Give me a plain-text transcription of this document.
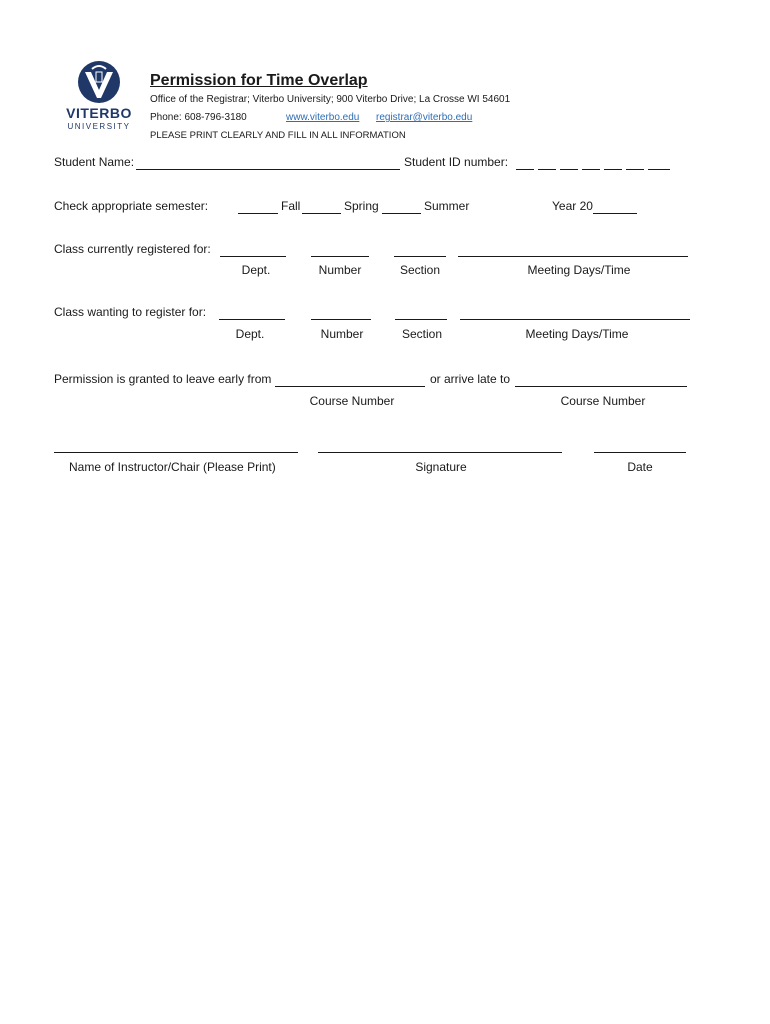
VITERBO
UNIVERSITY
Permission for Time Overlap
Office of the Registrar; Viterbo University; 900 Viterbo Drive; La Crosse WI 54601
Phone: 608-796-3180	www.viterbo.edu registrar@viterbo.edu
PLEASE PRINT CLEARLY AND FILL IN ALL INFORMATION
Student Name:	Student ID number:
Check appropriate semester:	Fall	Spring	Summer	Year 20
Class currently registered for:
Dept.	Number	Section	Meeting Days/Time
Class wanting to register for:
Dept.	Number	Section	Meeting Days/Time
Permission is granted to leave early from	or arrive late to
Course Number	Course Number
Name of Instructor/Chair (Please Print)	Signature	Date
